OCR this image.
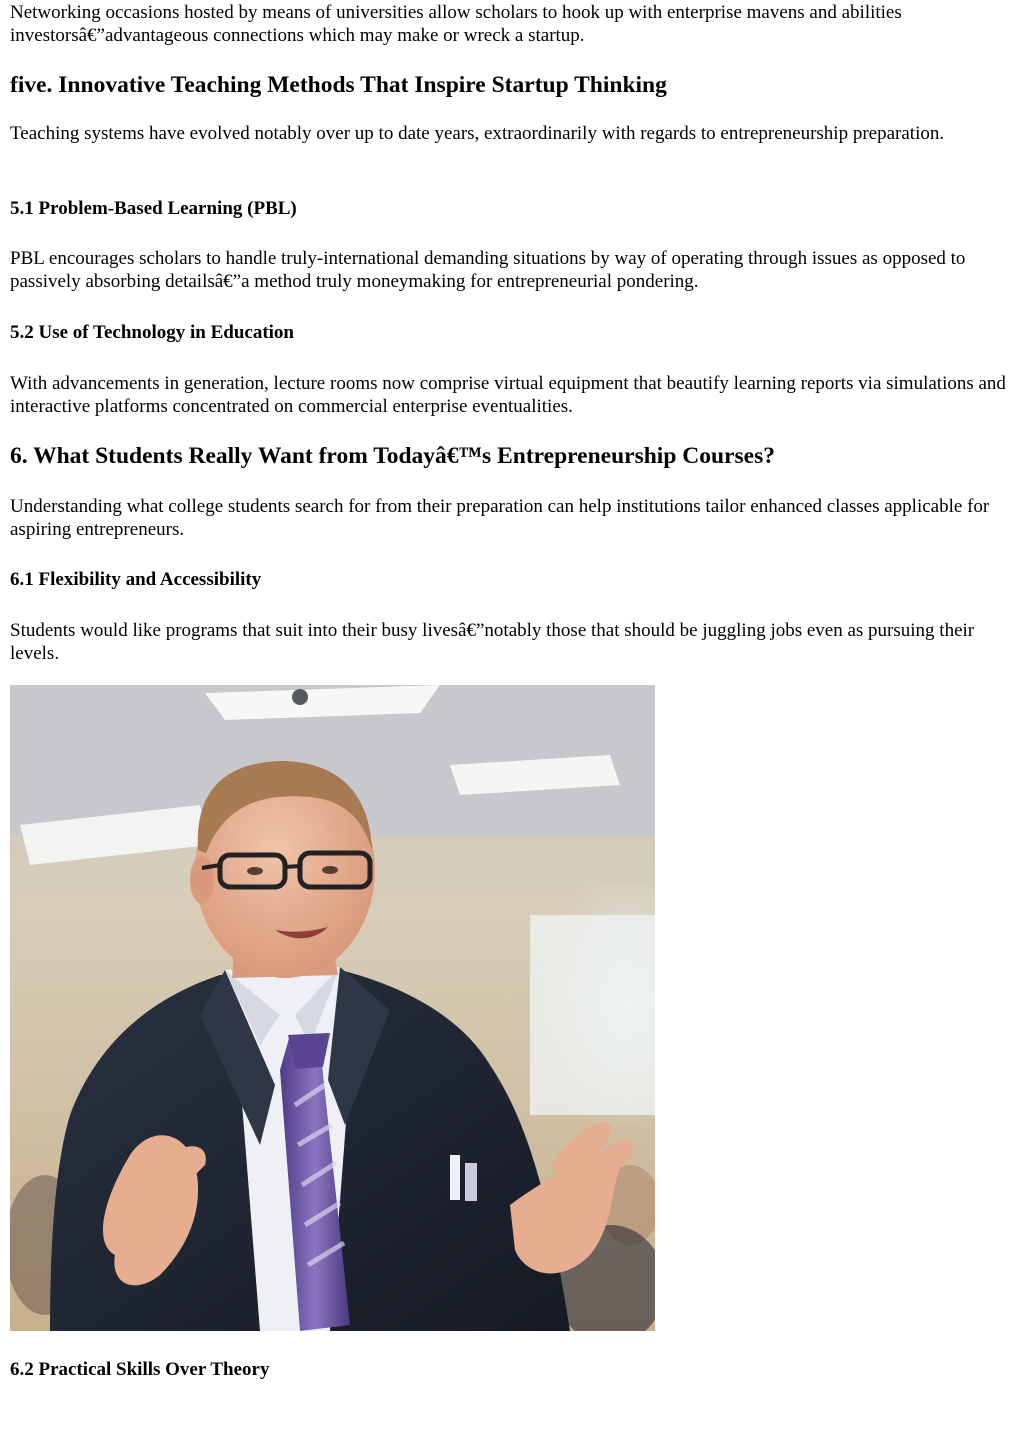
Networking occasions hosted by means of universities allow scholars to hook up with enterprise mavens and abilities investorsâ€”advantageous connections which may make or wreck a startup.

five. Innovative Teaching Methods That Inspire Startup Thinking

Teaching systems have evolved notably over up to date years, extraordinarily with regards to entrepreneurship preparation.

5.1 Problem-Based Learning (PBL)

PBL encourages scholars to handle truly-international demanding situations by way of operating through issues as opposed to passively absorbing detailsâ€”a method truly moneymaking for entrepreneurial pondering.

5.2 Use of Technology in Education

With advancements in generation, lecture rooms now comprise virtual equipment that beautify learning reports via simulations and interactive platforms concentrated on commercial enterprise eventualities.

6. What Students Really Want from Todayâ€™s Entrepreneurship Courses?

Understanding what college students search for from their preparation can help institutions tailor enhanced classes applicable for aspiring entrepreneurs.

6.1 Flexibility and Accessibility

Students would like programs that suit into their busy livesâ€”notably those that should be juggling jobs even as pursuing their levels.

6.2 Practical Skills Over Theory
